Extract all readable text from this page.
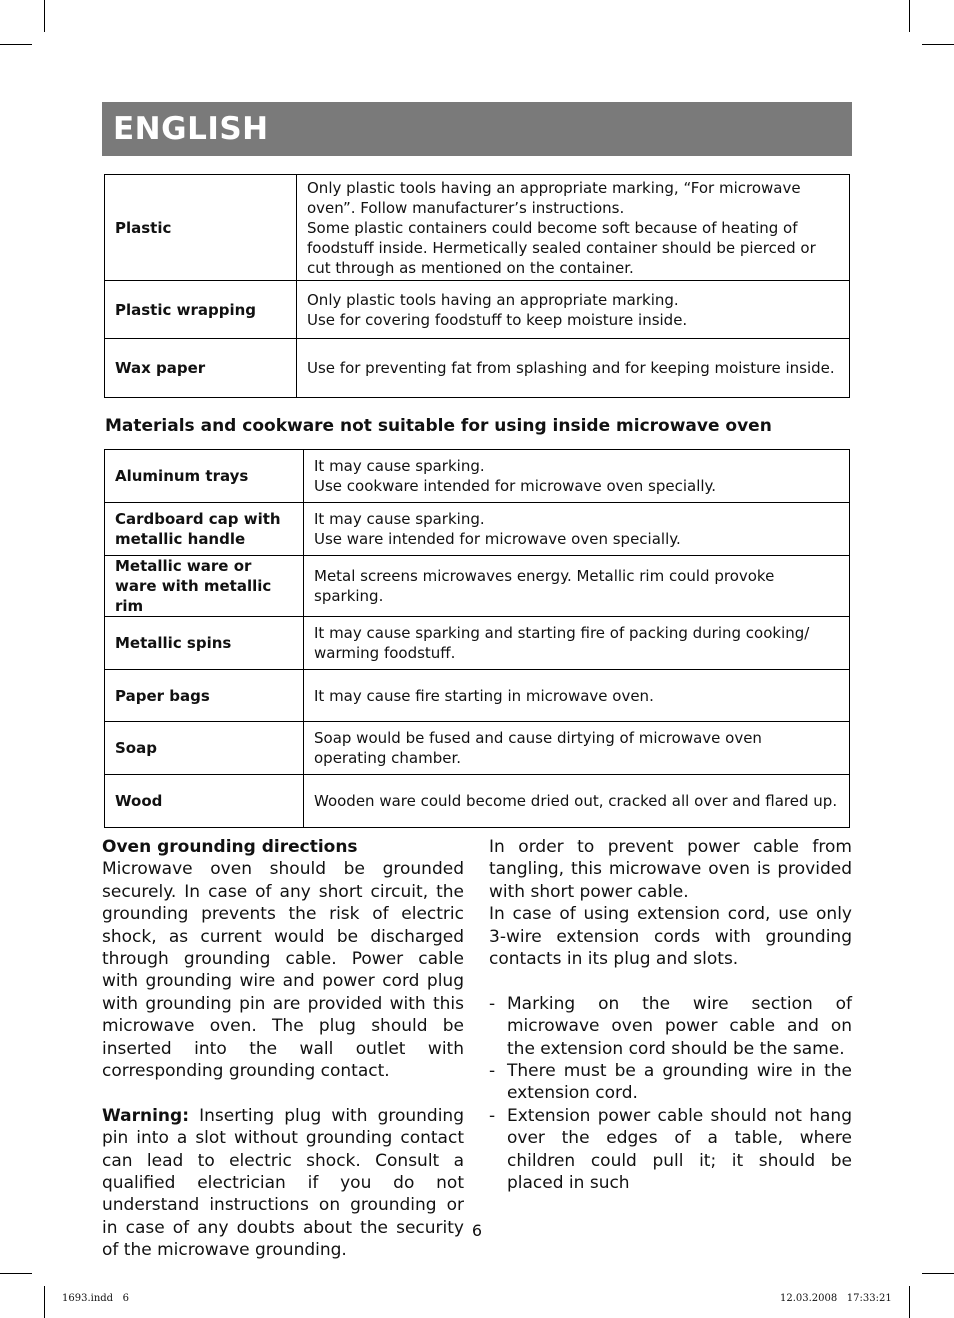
ENGLISH
Plastic	Only plastic tools having an appropriate marking, “For microwave oven”. Follow manufacturer’s instructions.
Some plastic containers could become soft because of heating of foodstuff inside. Hermetically sealed container should be pierced or cut through as mentioned on the container.
Plastic wrapping	Only plastic tools having an appropriate marking.
Use for covering foodstuff to keep moisture inside.
Wax paper	Use for preventing fat from splashing and for keeping moisture inside.
Materials and cookware not suitable for using inside microwave oven
Aluminum trays	It may cause sparking.
Use cookware intended for microwave oven specially.
Cardboard cap with metallic handle	It may cause sparking.
Use ware intended for microwave oven specially.
Metallic ware or ware with metallic rim	Metal screens microwaves energy. Metallic rim could provoke sparking.
Metallic spins	It may cause sparking and starting fire of packing during cooking/ warming foodstuff.
Paper bags	It may cause fire starting in microwave oven.
Soap	Soap would be fused and cause dirtying of microwave oven operating chamber.
Wood	Wooden ware could become dried out, cracked all over and flared up.

Oven grounding directions

Microwave oven should be grounded securely. In case of any short circuit, the grounding prevents the risk of electric shock, as current would be discharged through grounding cable. Power cable with grounding wire and power cord plug with grounding pin are provided with this microwave oven. The plug should be inserted into the wall outlet with corresponding grounding contact.

Warning: Inserting plug with grounding pin into a slot without grounding contact can lead to electric shock. Consult a qualified electrician if you do not understand instructions on grounding or in case of any doubts about the security of the microwave grounding.

In order to prevent power cable from tangling, this microwave oven is provided with short power cable.

In case of using extension cord, use only 3-wire extension cords with grounding contacts in its plug and slots.

- Marking on the wire section of microwave oven power cable and on the extension cord should be the same.
- There must be a grounding wire in the extension cord.
- Extension power cable should not hang over the edges of a table, where children could pull it; it should be placed in such
6
1693.indd   6	12.03.2008   17:33:21
